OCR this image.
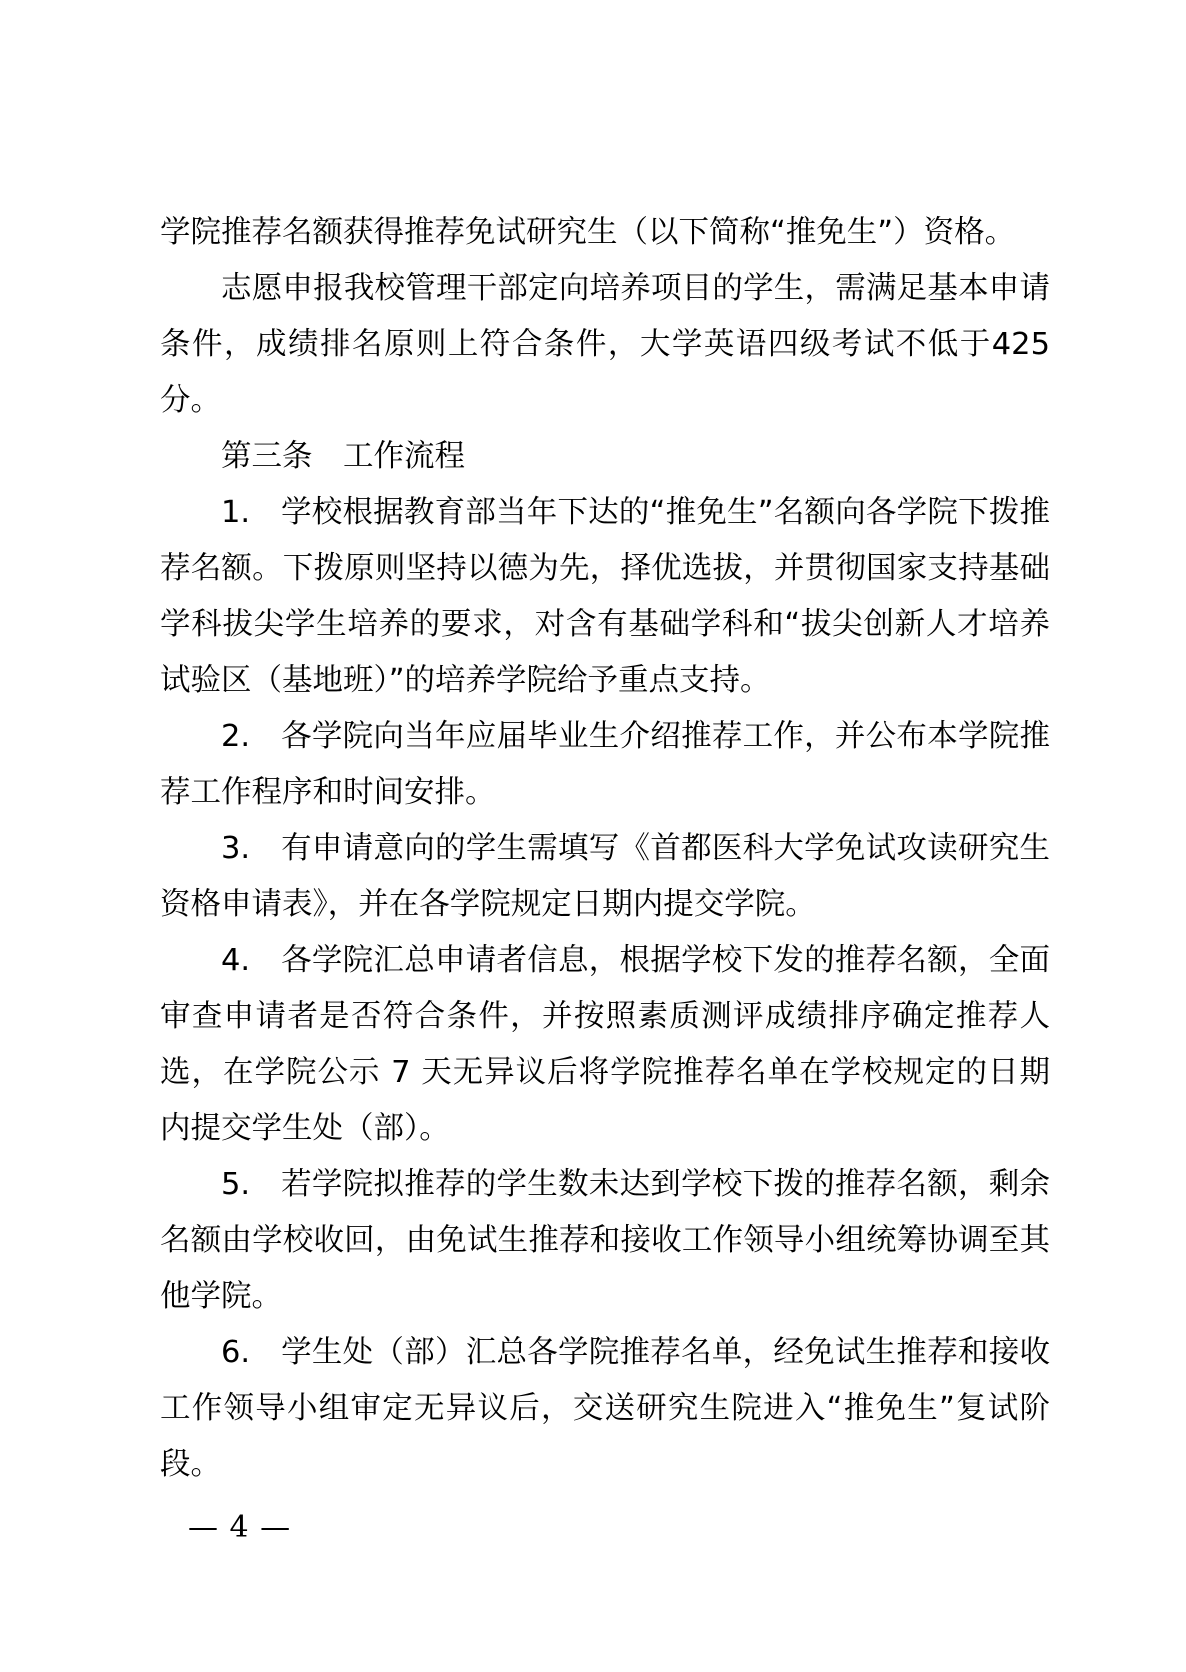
学院推荐名额获得推荐免试研究生（以下简称“推免生”）资格。

志愿申报我校管理干部定向培养项目的学生，需满足基本申请条件，成绩排名原则上符合条件，大学英语四级考试不低于425分。

第三条　工作流程

1.　学校根据教育部当年下达的“推免生”名额向各学院下拨推荐名额。下拨原则坚持以德为先，择优选拔，并贯彻国家支持基础学科拔尖学生培养的要求，对含有基础学科和“拔尖创新人才培养试验区（基地班）”的培养学院给予重点支持。

2.　各学院向当年应届毕业生介绍推荐工作，并公布本学院推荐工作程序和时间安排。

3.　有申请意向的学生需填写《首都医科大学免试攻读研究生资格申请表》，并在各学院规定日期内提交学院。

4.　各学院汇总申请者信息，根据学校下发的推荐名额，全面审查申请者是否符合条件，并按照素质测评成绩排序确定推荐人选，在学院公示 7 天无异议后将学院推荐名单在学校规定的日期内提交学生处（部）。

5.　若学院拟推荐的学生数未达到学校下拨的推荐名额，剩余名额由学校收回，由免试生推荐和接收工作领导小组统筹协调至其他学院。

6.　学生处（部）汇总各学院推荐名单，经免试生推荐和接收工作领导小组审定无异议后，交送研究生院进入“推免生”复试阶段。

— 4 —
